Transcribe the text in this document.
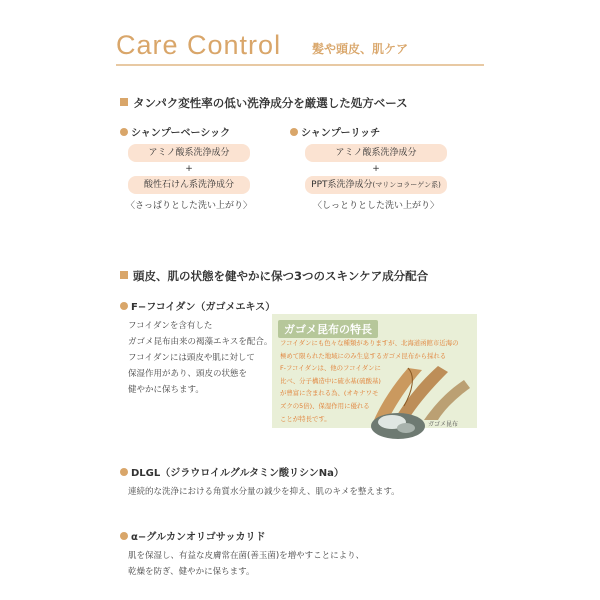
Care Control	髪や頭皮、肌ケア
タンパク変性率の低い洗浄成分を厳選した処方ベース
シャンプーベーシック
アミノ酸系洗浄成分
+
酸性石けん系洗浄成分
〈さっぱりとした洗い上がり〉
シャンプーリッチ
アミノ酸系洗浄成分
+
PPT系洗浄成分(マリンコラーゲン系)
〈しっとりとした洗い上がり〉
頭皮、肌の状態を健やかに保つ3つのスキンケア成分配合
F−フコイダン（ガゴメエキス）
フコイダンを含有した
ガゴメ昆布由来の褐藻エキスを配合。
フコイダンには頭皮や肌に対して
保湿作用があり、頭皮の状態を
健やかに保ちます。
ガゴメ昆布の特長
フコイダンにも色々な種類がありますが、北海道函館市近海の
極めて限られた地域にのみ生息するガゴメ昆布から採れる
F-フコイダンは、他のフコイダンに
比べ、分子構造中に硫水基(硫酸基)
が豊富に含まれる為、(オキナワモ
ズクの5倍)、保湿作用に優れる
ことが特長です。
ガゴメ昆布
DLGL（ジラウロイルグルタミン酸リシンNa）
連続的な洗浄における角質水分量の減少を抑え、肌のキメを整えます。
α−グルカンオリゴサッカリド
肌を保湿し、有益な皮膚常在菌(善玉菌)を増やすことにより、
乾燥を防ぎ、健やかに保ちます。
